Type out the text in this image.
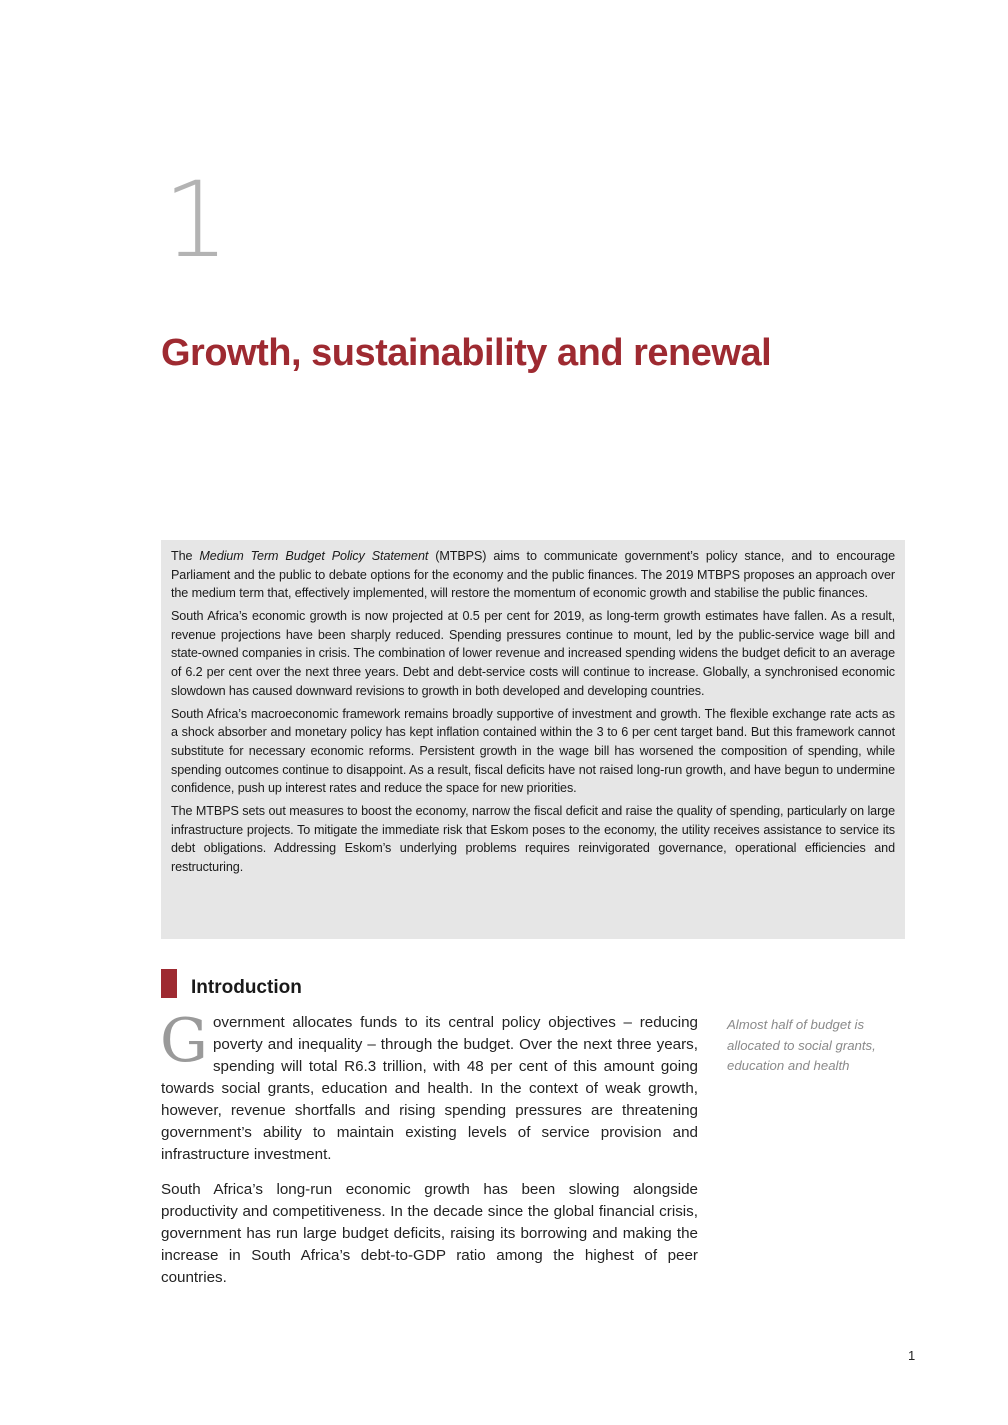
1
Growth, sustainability and renewal

The Medium Term Budget Policy Statement (MTBPS) aims to communicate government’s policy stance, and to encourage Parliament and the public to debate options for the economy and the public finances. The 2019 MTBPS proposes an approach over the medium term that, effectively implemented, will restore the momentum of economic growth and stabilise the public finances.

South Africa’s economic growth is now projected at 0.5 per cent for 2019, as long-term growth estimates have fallen. As a result, revenue projections have been sharply reduced. Spending pressures continue to mount, led by the public-service wage bill and state-owned companies in crisis. The combination of lower revenue and increased spending widens the budget deficit to an average of 6.2 per cent over the next three years. Debt and debt-service costs will continue to increase. Globally, a synchronised economic slowdown has caused downward revisions to growth in both developed and developing countries.

South Africa’s macroeconomic framework remains broadly supportive of investment and growth. The flexible exchange rate acts as a shock absorber and monetary policy has kept inflation contained within the 3 to 6 per cent target band. But this framework cannot substitute for necessary economic reforms. Persistent growth in the wage bill has worsened the composition of spending, while spending outcomes continue to disappoint. As a result, fiscal deficits have not raised long-run growth, and have begun to undermine confidence, push up interest rates and reduce the space for new priorities.

The MTBPS sets out measures to boost the economy, narrow the fiscal deficit and raise the quality of spending, particularly on large infrastructure projects. To mitigate the immediate risk that Eskom poses to the economy, the utility receives assistance to service its debt obligations. Addressing Eskom’s underlying problems requires reinvigorated governance, operational efficiencies and restructuring.

Introduction

Government allocates funds to its central policy objectives – reducing poverty and inequality – through the budget. Over the next three years, spending will total R6.3 trillion, with 48 per cent of this amount going towards social grants, education and health. In the context of weak growth, however, revenue shortfalls and rising spending pressures are threatening government’s ability to maintain existing levels of service provision and infrastructure investment.

South Africa’s long-run economic growth has been slowing alongside productivity and competitiveness. In the decade since the global financial crisis, government has run large budget deficits, raising its borrowing and making the increase in South Africa’s debt-to-GDP ratio among the highest of peer countries.

Almost half of budget is allocated to social grants, education and health
1
